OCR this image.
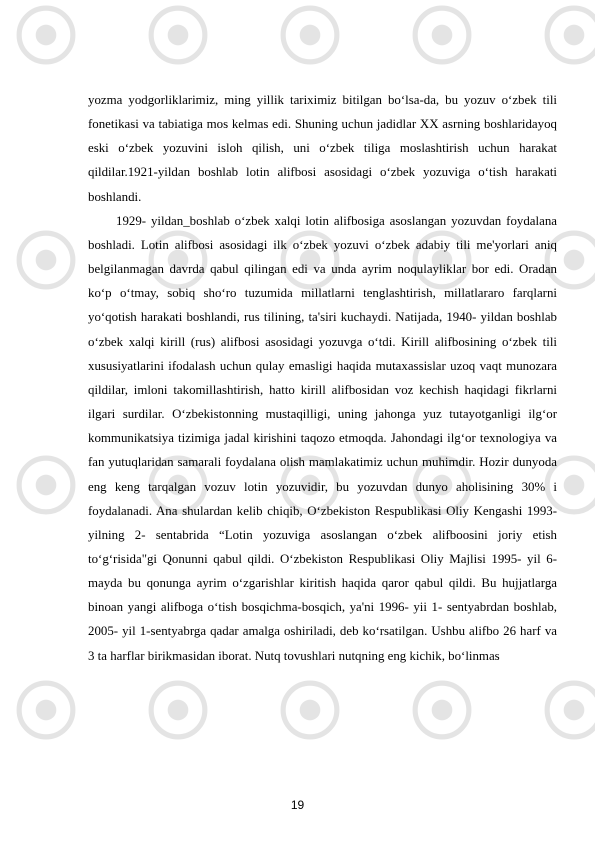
yozma yodgorliklarimiz, ming yillik tariximiz bitilgan bo‘lsa-da, bu yozuv o‘zbek tili fonetikasi va tabiatiga mos kelmas edi. Shuning uchun jadidlar XX asrning boshlaridayoq eski o‘zbek yozuvini isloh qilish, uni o‘zbek tiliga moslashtirish uchun harakat qildilar.1921-yildan boshlab lotin alifbosi asosidagi o‘zbek yozuviga o‘tish harakati boshlandi.

1929- yildan_boshlab o‘zbek xalqi lotin alifbosiga asoslangan yozuvdan foydalana boshladi. Lotin alifbosi asosidagi ilk o‘zbek yozuvi o‘zbek adabiy tili me'yorlari aniq belgilanmagan davrda qabul qilingan edi va unda ayrim noqulayliklar bor edi. Oradan ko‘p o‘tmay, sobiq sho‘ro tuzumida millatlarni tenglashtirish, millatlararo farqlarni yo‘qotish harakati boshlandi, rus tilining, ta'siri kuchaydi. Natijada, 1940- yildan boshlab o‘zbek xalqi kirill (rus) alifbosi asosidagi yozuvga o‘tdi. Kirill alifbosining o‘zbek tili xususiyatlarini ifodalash uchun qulay emasligi haqida mutaxassislar uzoq vaqt munozara qildilar, imloni takomillashtirish, hatto kirill alifbosidan voz kechish haqidagi fikrlarni ilgari surdilar. O‘zbekistonning mustaqilligi, uning jahonga yuz tutayotganligi ilg‘or kommunikatsiya tizimiga jadal kirishini taqozo etmoqda. Jahondagi ilg‘or texnologiya va fan yutuqlaridan samarali foydalana olish mamlakatimiz uchun muhimdir. Hozir dunyoda eng keng tarqalgan vozuv lotin yozuvidir, bu yozuvdan dunyo aholisining 30% i foydalanadi. Ana shulardan kelib chiqib, O‘zbekiston Respublikasi Oliy Kengashi 1993- yilning 2- sentabrida “Lotin yozuviga asoslangan o‘zbek alifboosini joriy etish to‘g‘risida"gi Qonunni qabul qildi. O‘zbekiston Respublikasi Oliy Majlisi 1995- yil 6- mayda bu qonunga ayrim o‘zgarishlar kiritish haqida qaror qabul qildi. Bu hujjatlarga binoan yangi alifboga o‘tish bosqichma-bosqich, ya'ni 1996- yii 1- sentyabrdan boshlab, 2005- yil 1-sentyabrga qadar amalga oshiriladi, deb ko‘rsatilgan. Ushbu alifbo 26 harf va 3 ta harflar birikmasidan iborat. Nutq tovushlari nutqning eng kichik, bo‘linmas

19
